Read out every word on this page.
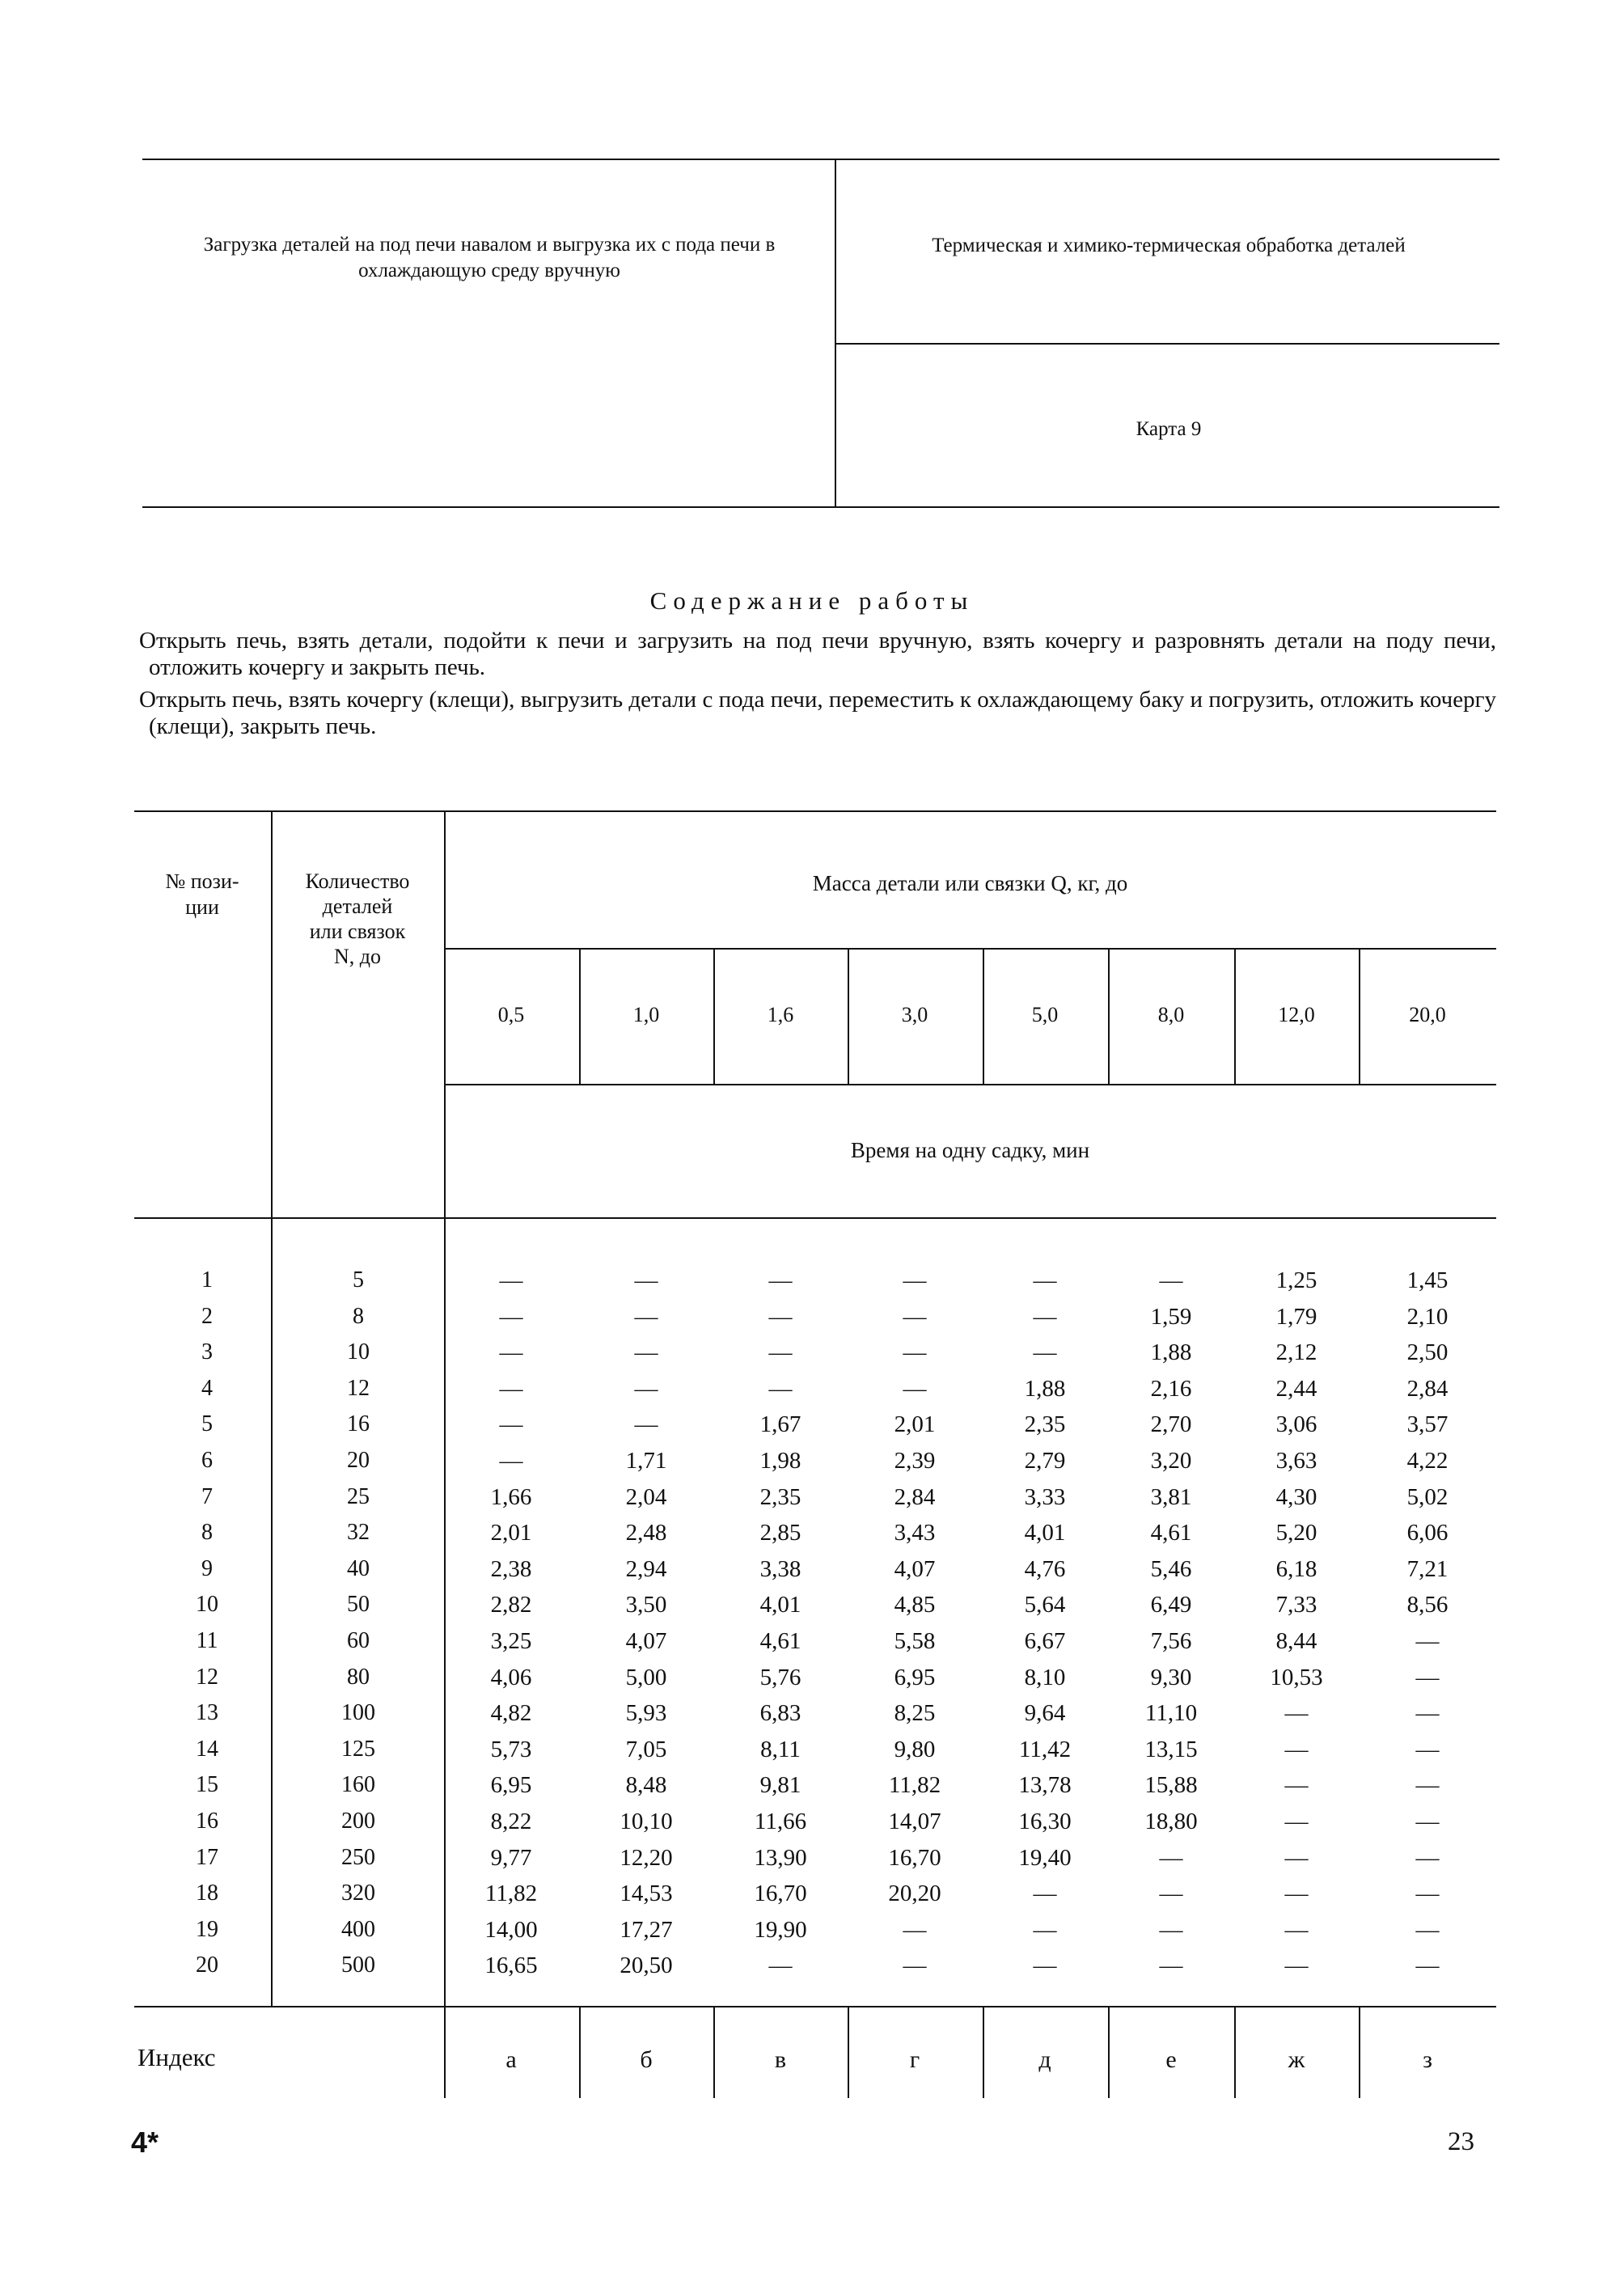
Загрузка деталей на под печи навалом и выгрузка их с пода печи в охлаждающую среду вручную
Термическая и химико-термическая обработка деталей
Карта 9
Содержание работы
Открыть печь, взять детали, подойти к печи и загрузить на под печи вручную, взять кочергу и разровнять детали на поду печи, отложить кочергу и закрыть печь.
Открыть печь, взять кочергу (клещи), выгрузить детали с пода печи, переместить к охлаждающему баку и погрузить, отложить кочергу (клещи), закрыть печь.
№ пози-
ции
Количество
деталей
или связок
N, до
Масса детали или связки Q, кг, до
Время на одну садку, мин
0,5	1,0	1,6	3,0	5,0	8,0	12,0	20,0
1	5	—	—	—	—	—	—	1,25	1,45
2	8	—	—	—	—	—	1,59	1,79	2,10
3	10	—	—	—	—	—	1,88	2,12	2,50
4	12	—	—	—	—	1,88	2,16	2,44	2,84
5	16	—	—	1,67	2,01	2,35	2,70	3,06	3,57
6	20	—	1,71	1,98	2,39	2,79	3,20	3,63	4,22
7	25	1,66	2,04	2,35	2,84	3,33	3,81	4,30	5,02
8	32	2,01	2,48	2,85	3,43	4,01	4,61	5,20	6,06
9	40	2,38	2,94	3,38	4,07	4,76	5,46	6,18	7,21
10	50	2,82	3,50	4,01	4,85	5,64	6,49	7,33	8,56
11	60	3,25	4,07	4,61	5,58	6,67	7,56	8,44	—
12	80	4,06	5,00	5,76	6,95	8,10	9,30	10,53	—
13	100	4,82	5,93	6,83	8,25	9,64	11,10	—	—
14	125	5,73	7,05	8,11	9,80	11,42	13,15	—	—
15	160	6,95	8,48	9,81	11,82	13,78	15,88	—	—
16	200	8,22	10,10	11,66	14,07	16,30	18,80	—	—
17	250	9,77	12,20	13,90	16,70	19,40	—	—	—
18	320	11,82	14,53	16,70	20,20	—	—	—	—
19	400	14,00	17,27	19,90	—	—	—	—	—
20	500	16,65	20,50	—	—	—	—	—	—
Индекс	а	б	в	г	д	е	ж	з
4*	23
